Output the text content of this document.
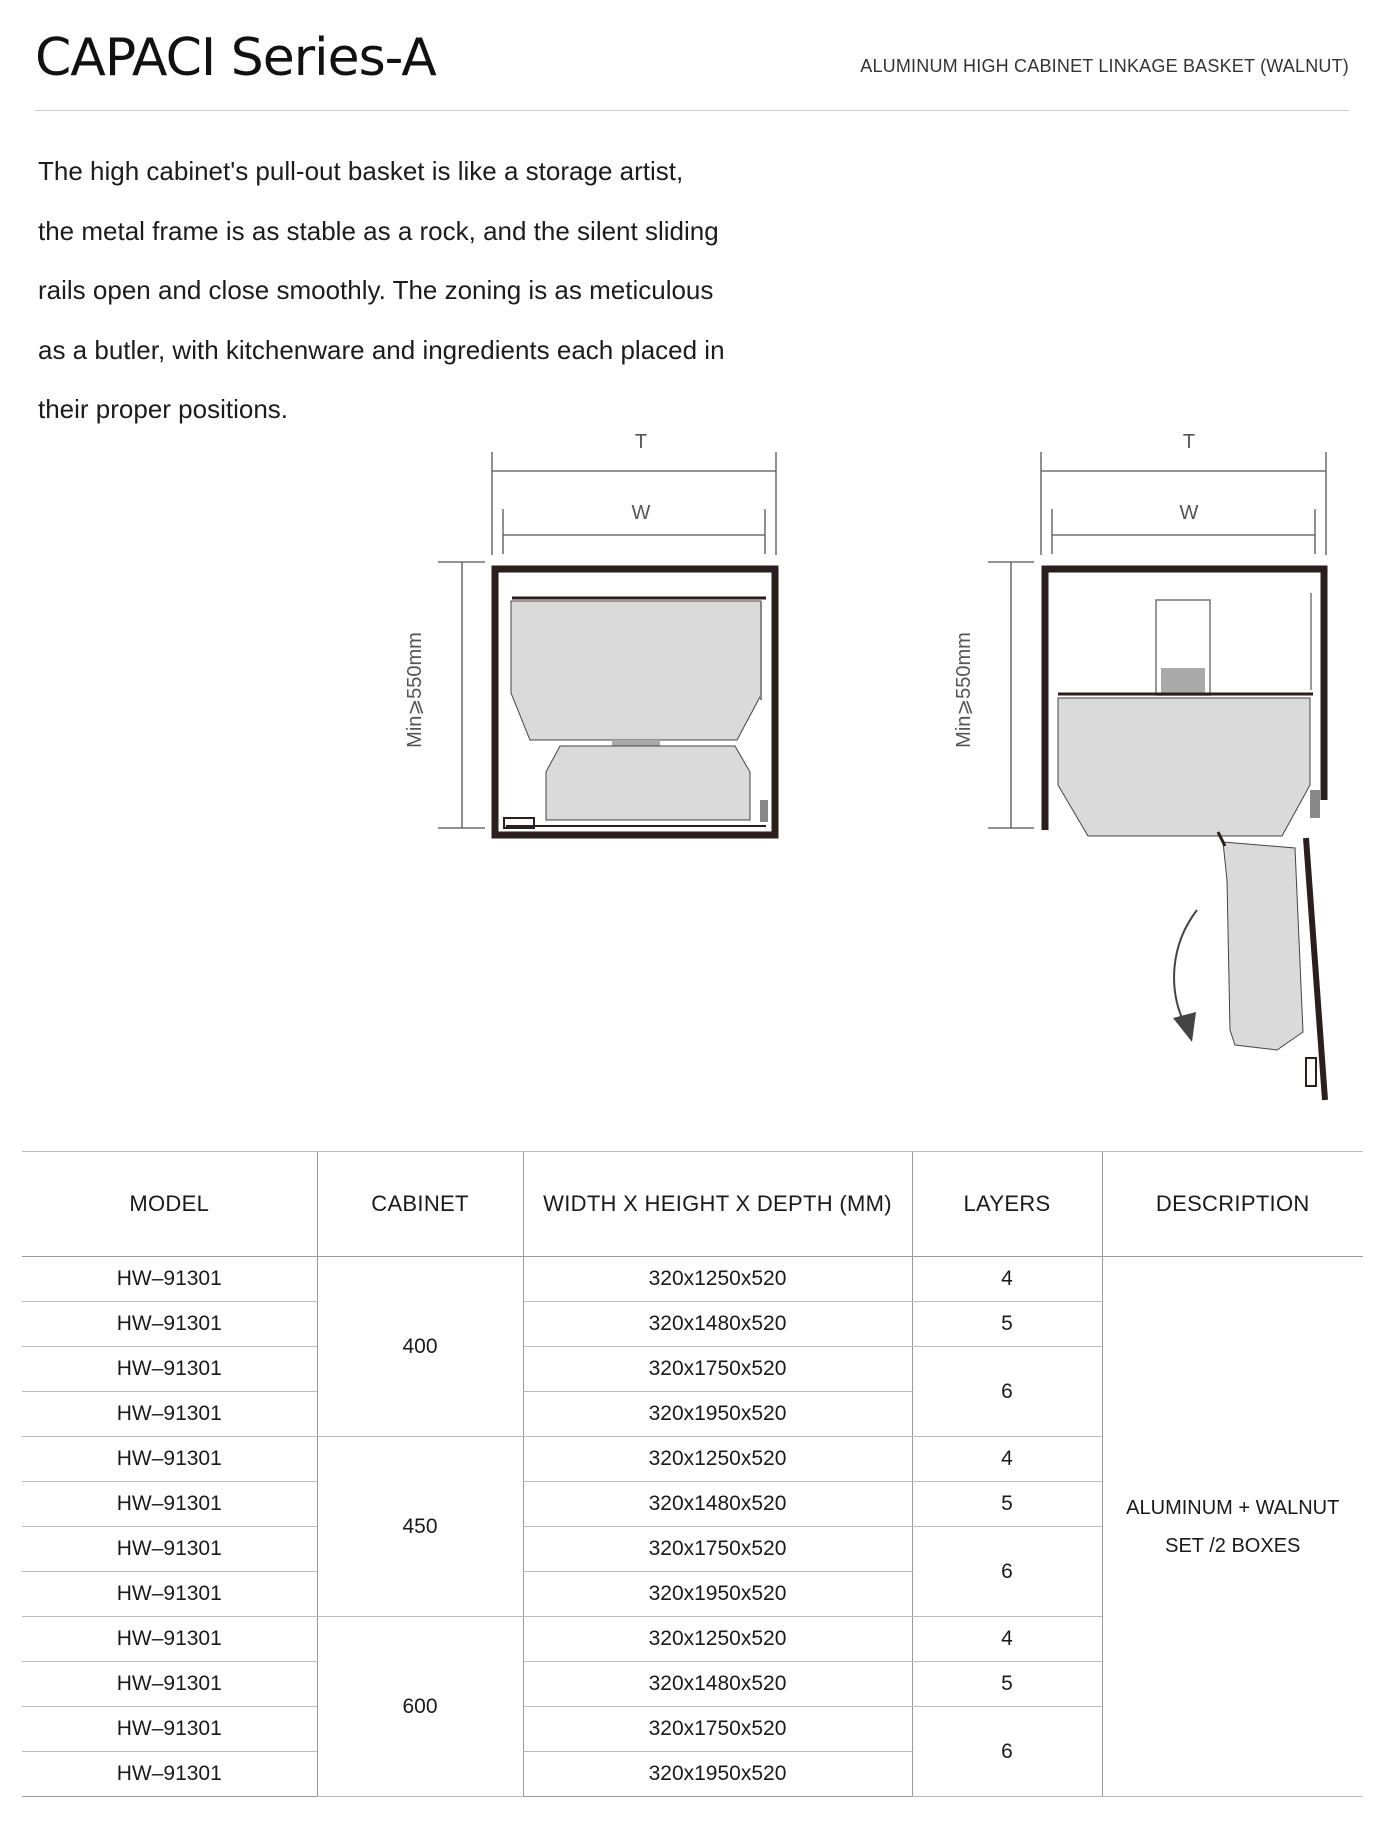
CAPACI Series-A	ALUMINUM HIGH CABINET LINKAGE BASKET (WALNUT)
The high cabinet's pull-out basket is like a storage artist,
the metal frame is as stable as a rock, and the silent sliding
rails open and close smoothly. The zoning is as meticulous
as a butler, with kitchenware and ingredients each placed in
their proper positions.
T
W
Min⩾550mm
T
W
Min⩾550mm
MODEL	CABINET	WIDTH X HEIGHT X DEPTH (MM)	LAYERS	DESCRIPTION
HW–91301	400	320x1250x520	4	ALUMINUM + WALNUT
SET /2 BOXES

HW–91301		320x1480x520	5	
HW–91301		320x1750x520	6	
HW–91301		320x1950x520		
HW–91301	450	320x1250x520	4	
HW–91301		320x1480x520	5	
HW–91301		320x1750x520	6	
HW–91301		320x1950x520		
HW–91301	600	320x1250x520	4	
HW–91301		320x1480x520	5	
HW–91301		320x1750x520	6	
HW–91301		320x1950x520		
